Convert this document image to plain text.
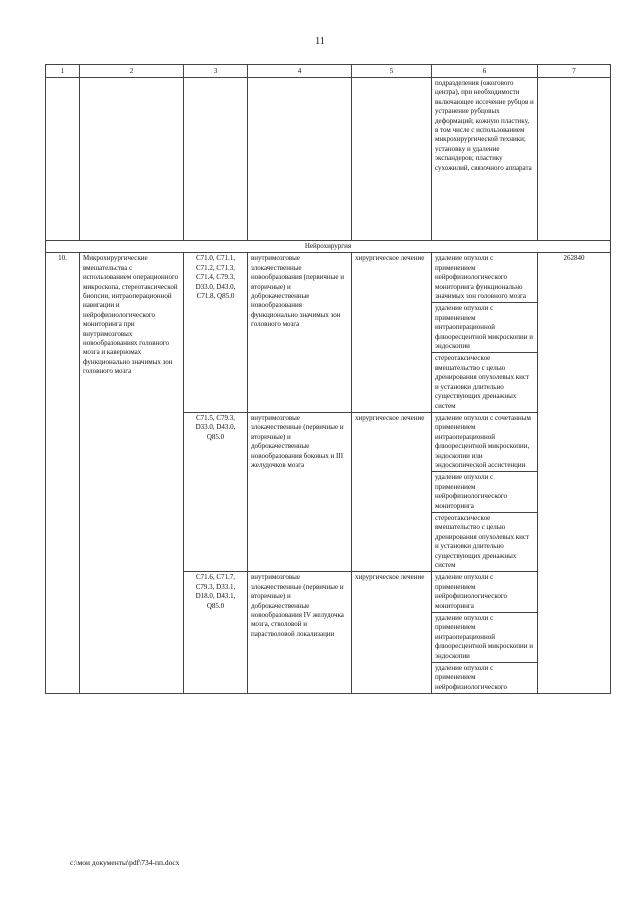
11
1	2	3	4	5	6	7
					подразделения (ожогового центра), при необходимости включающее иссечение рубцов и устранение рубцовых деформаций; кожную пластику, в том числе с использованием микрохирургической техники; установку и удаление экспандеров; пластику сухожилий, связочного аппарата	
Нейрохирургия						
10.	Микрохирургические вмешательства с использованием операционного микроскопа, стереотаксической биопсии, интраоперационной навигации и нейрофизиологического мониторинга при внутримозговых новообразованиях головного мозга и каверномах функционально значимых зон головного мозга	C71.0, C71.1, C71.2, C71.3, C71.4, C79.3, D33.0, D43.0, C71.8, Q85.0	внутримозговые злокачественные новообразования (первичные и вторичные) и доброкачественные новообразования функционально значимых зон головного мозга	хирургическое лечение	удаление опухоли с применением нейрофизиологического мониторинга функционально значимых зон головного мозга	262840
					удаление опухоли с применением интраоперационной флюоресцентной микроскопии и эндоскопии	
					стереотаксическое вмешательство с целью дренирования опухолевых кист и установки длительно существующих дренажных систем	
		C71.5, C79.3, D33.0, D43.0, Q85.0	внутримозговые злокачественные (первичные и вторичные) и доброкачественные новообразования боковых и III желудочков мозга	хирургическое лечение	удаление опухоли с сочетанным применением интраоперационной флюоресцентной микроскопии, эндоскопии или эндоскопической ассистенции	
					удаление опухоли с применением нейрофизиологического мониторинга	
					стереотаксическое вмешательство с целью дренирования опухолевых кист и установки длительно существующих дренажных систем	
		C71.6, C71.7, C79.3, D33.1, D18.0, D43.1, Q85.0	внутримозговые злокачественные (первичные и вторичные) и доброкачественные новообразования IV желудочка мозга, стволовой и парастволовой локализации	хирургическое лечение	удаление опухоли с применением нейрофизиологического мониторинга	
					удаление опухоли с применением интраоперационной флюоресцентной микроскопии и эндоскопии	
					удаление опухоли с применением нейрофизиологического	
c:\мои документы\pdf\734-пп.docx
